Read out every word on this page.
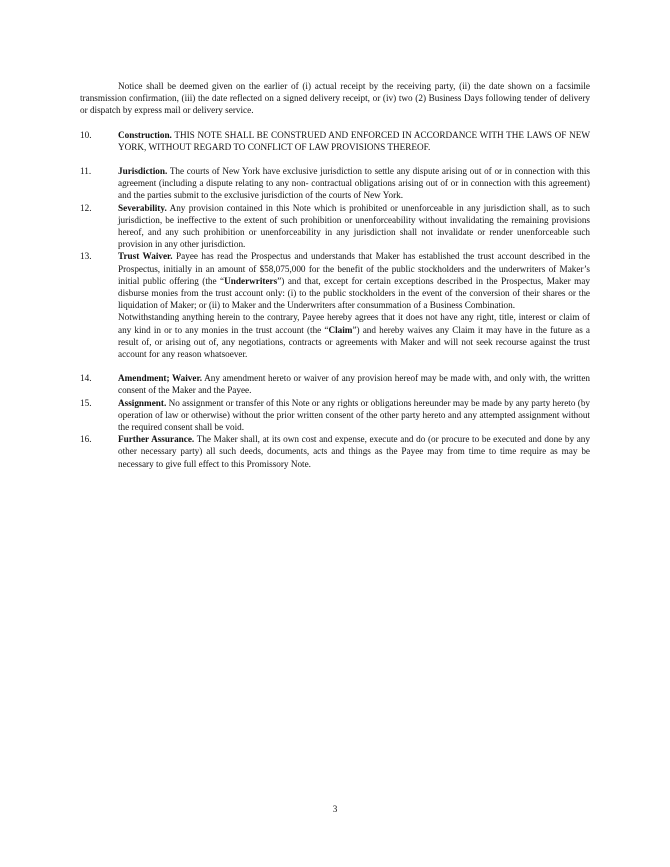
Notice shall be deemed given on the earlier of (i) actual receipt by the receiving party, (ii) the date shown on a facsimile transmission confirmation, (iii) the date reflected on a signed delivery receipt, or (iv) two (2) Business Days following tender of delivery or dispatch by express mail or delivery service.

10.	Construction. THIS NOTE SHALL BE CONSTRUED AND ENFORCED IN ACCORDANCE WITH THE LAWS OF NEW YORK, WITHOUT REGARD TO CONFLICT OF LAW PROVISIONS THEREOF.
11.	Jurisdiction. The courts of New York have exclusive jurisdiction to settle any dispute arising out of or in connection with this agreement (including a dispute relating to any non- contractual obligations arising out of or in connection with this agreement) and the parties submit to the exclusive jurisdiction of the courts of New York.
12.	Severability. Any provision contained in this Note which is prohibited or unenforceable in any jurisdiction shall, as to such jurisdiction, be ineffective to the extent of such prohibition or unenforceability without invalidating the remaining provisions hereof, and any such prohibition or unenforceability in any jurisdiction shall not invalidate or render unenforceable such provision in any other jurisdiction.
13.	Trust Waiver. Payee has read the Prospectus and understands that Maker has established the trust account described in the Prospectus, initially in an amount of $58,075,000 for the benefit of the public stockholders and the underwriters of Maker’s initial public offering (the “Underwriters”) and that, except for certain exceptions described in the Prospectus, Maker may disburse monies from the trust account only: (i) to the public stockholders in the event of the conversion of their shares or the liquidation of Maker; or (ii) to Maker and the Underwriters after consummation of a Business Combination.

Notwithstanding anything herein to the contrary, Payee hereby agrees that it does not have any right, title, interest or claim of any kind in or to any monies in the trust account (the “Claim”) and hereby waives any Claim it may have in the future as a result of, or arising out of, any negotiations, contracts or agreements with Maker and will not seek recourse against the trust account for any reason whatsoever.

14.	Amendment; Waiver. Any amendment hereto or waiver of any provision hereof may be made with, and only with, the written consent of the Maker and the Payee.
15.	Assignment. No assignment or transfer of this Note or any rights or obligations hereunder may be made by any party hereto (by operation of law or otherwise) without the prior written consent of the other party hereto and any attempted assignment without the required consent shall be void.
16.	Further Assurance. The Maker shall, at its own cost and expense, execute and do (or procure to be executed and done by any other necessary party) all such deeds, documents, acts and things as the Payee may from time to time require as may be necessary to give full effect to this Promissory Note.
3
